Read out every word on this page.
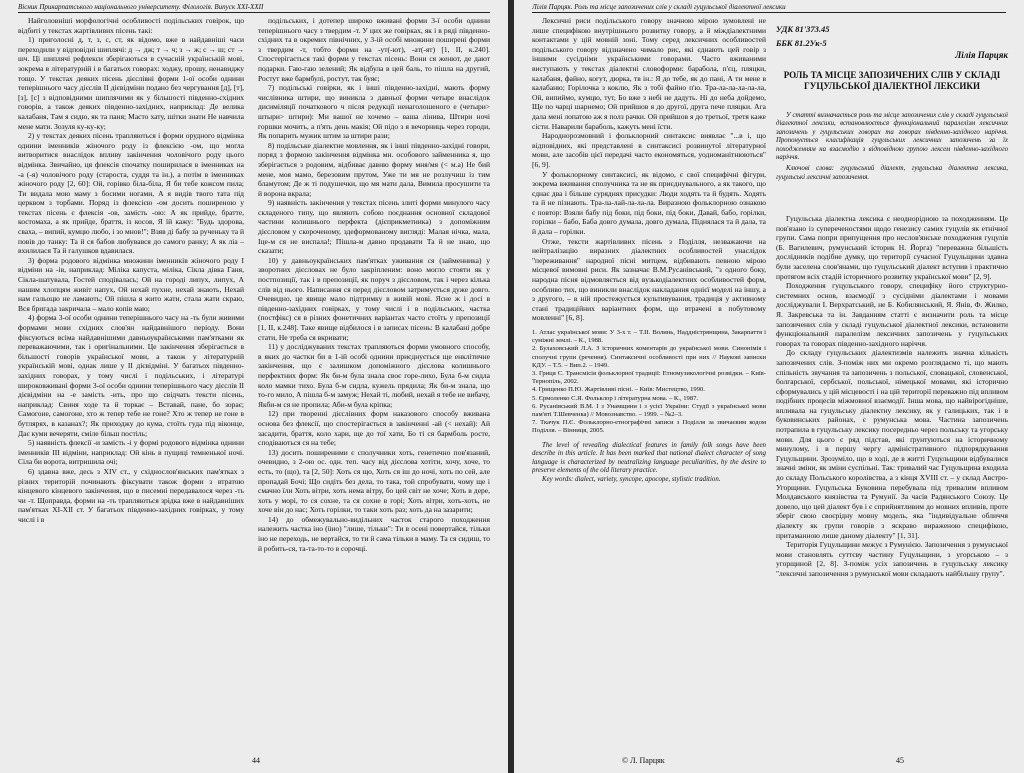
Вісник Прикарпатського національного університету. Філологія. Випуск XXI-XXII

Найголовніші морфологічні особливості подільських говірок, що відбиті у текстах жартівливих пісень такі:

1) приголосні д, т, з, с, ст, як відомо, вже в найдавніші часи переходили у відповідні шиплячі: д → дж; т → ч; з → ж; с → ш; ст → шч. Ці шиплячі рефлекси зберігаються в сучасній українській мові, зокрема в літературній і в багатьох говорах: ходжу, прошу, ненавиджу тощо. У текстах деяких пісень дієслівні форми 1-ої особи однини теперішнього часу дієслів ІІ дієвідміни подано без чергування [д], [т], [з], [с] з відповідними шиплячими як у більшості південно-східних говорів, а також деяких південно-західних, наприклад: Де велика калабаня, Там я сидю, як та паня; Масто хату, шітки знати Не навчила мене мати. Зозуля ку-ку-ку;

2) у текстах деяких пісень трапляються і форми орудного відмінка однини іменників жіночого роду із флексією -ом, що могла витворитися внаслідок впливу закінчення чоловічого роду цього відмінка. Звичайно, ця флексія спочатку поширилася в іменниках на -а (-я) чоловічого роду (староста, суддя та ін.), а потім в іменниках жіночого роду [2, 60]: Ой, горівко біла-біла, Я би тебе кожсом пила; Ти видала мою маму з босими ногами, А я видів твого тата під церквом з торбами. Поряд із флексією -ом досить поширеною у текстах пісень є флексія -ов, замість -ою: А як прийде, братте, костомаха, а як прийде, браття, із косов, Я їй кажу: "Будь здорова, сваха, – випий, кумцю любо, і зо мнов!"; Взяв ді бабу за рученьку та й повів до танку: Та й ся бабов любувався до самого ранку; А як ліа – вхилилася Та й галушков вдавилася.

3) форма родового відмінка множини іменників жіночого роду І відміни на -ів, наприклад: Міліка капуста, міліка, Сікла дівка Ганя, Сікла-шатувала, Гостей сподівалась; Ой на городі липух, липух, А нашим хлопцям живіт напух, Ой нехай пухне, нехай знають, Нехай нам гальоцю не ламають; Ой пішла я жито жати, стала жати скраю, Вся бригада закричала – мало копів маю;

4) форма 3-ої особи однини теперішнього часу на -ть були живими формами мови східних слов'ян найдавнішого періоду. Вони фіксуються всіма найдавнішими давньоукраїнськими пам'ятками як переважаючими, так і оригінальними. Це закінчення зберігається в більшості говорів української мови, а також у літературній українській мові, однак лише у ІІ дієвідміні. У багатьох південно-західних говорах, у тому числі і подільських, і літературі широковживані форми 3-ої особи однини теперішнього часу дієслів ІІ дієвідміни на -е замість -ить, про що свідчать тексти пісень, наприклад: Свиня ходе та й торкає – Вставай, пане, бо зорає; Самогоне, самогоне, хто ж тепер тебе не гоне? Хто ж тепер не гоне в бутлярях, в казанах?; Як приходжу до кума, стоїть гуда під віконце, Дає куми вечеряти, сміле більш постіль;

5) наявність флексії -и замість -і у формі родового відмінка однини іменників ІІІ відміни, наприклад: Ой кінь в пущиці темненької ночі. Сіла би ворота, витришила очі;

6) здавна вже, десь з XIV ст., у східнослов'янських пам'ятках з різних територій починають фіксувати також форми з втратою кінцевого кінцевого закінчення, що в писемні передавалося через -ть чи -т. Щоправда, форми на -ть трапляються зрідка вже в найдавніших пам'ятках ХІ-ХІІ ст. У багатьох південно-західних говірках, у тому числі і в

подільських, і дотепер широко вживані форми 3-ї особи однини теперішнього часу з твердим -т. У цих же говірках, як і в ряді південно-східних та в окремих північних, у 3-ій особі множини поширені форми з твердим -т, тобто форми на -ут(-ют), -ат(-ят) [1, II, к.240]. Спостерігається такі форми у текстах пісень: Вони ся женют, де дают подарки. Гаю-гаю зелений; Як відбула в цей баль, то пішла на другий, Ростут вже бармбулі, ростут, так буяє;

7) подільські говірки, як і інші південно-західні, мають форму числівника штири, що виникла з давньої форми четыре внаслідок дисиміляції початкового ч після редукції ненаголошеного е (четыри> штыри> штири): Ми вашої не хочемо – ваша лінива, Штири ночі горшки мочить, а п'ять день макія; Ой підо з я вечорниць через городи, Як попарить мужик штим за штири рази;

8) подільське діалектне мовлення, як і інші південно-західні говори, поряд з формою закінчення відмінка мн. особового займенника я, що зберігається з родовим, відбиває давню форму мня/мя (< м.а) Не бий мене, моя мамо, березовим прутом, Уже ти мя не розлучиш із тим бламутом; Де ж ті подушечки, що мя мати дала, Вимила просушити та й ворона вкрала;

9) наявність закінчення у текстах пісень злиті форми минулого часу складеного типу, що являють собою поєднання основної складової частини колишнього перфекта (дієприкметника) з допоміжним дієсловом у скороченому, здеформованому вигляді: Малая нічка, мала, Іце-м ся не виспала!; Пішла-м давно продавати Та й не знаю, що сказати;

10) у давньоукраїнських пам'ятках уживання ся (займенника) у зворотних дієсловах не було закріпленим: воно могло стояти як у постпозиції, так і в препозиції, як поруч з дієсловом, так і через кілька слів від нього. Написання ся перед дієсловом затримується дуже довго. Очевидно, це явище мало підтримку в живій мові. Ясне ж і досі в південно-західних говірках, у тому числі і в подільських, частка (постфікс) ся в різних фонетичних варіантах часто стоїть у препозиції [1, II, к.248]. Таке явище відбилося і в записах пісень: В калабані добре стати, Не треба ся вкривати;

11) у досліджуваних текстах трапляються форми умовного способу, в яких до частки би в 1-ій особі однини приєднується ще енклітичне закінчення, що є залишком допоміжного дієслова колишнього перфектних форм: Як би-м була знала своє горе-лихо, Була б-м сидла коло мамки тихо. Була б-м сидла, кужель прядила; Як би-м знала, що то-го мило, А пішла б-м замуж; Нехай ті, любий, нехай я тебе не вибачу, Якби-м ся не пропила; Аби-м була кріпка;

12) при творенні дієслівних форм наказового способу вживана основа без флексії, що спостерігається в закінченні -ай (< нехай): Ай засадити, браття, коло хари, ще до тої хати, Бо ті ся бармболь росте, сподіваються ся на тебе;

13) досить поширеними є сполучники хоть, генетично пов'язаний, очевидно, з 2-ою ос. одн. теп. часу від дієслова хотіти, хочу, хоче, то есть, то (що), та [2, 50]: Хоть ся що, Хоть ся іш до ночі, хоть по сей, але пропадай Бочі; Що сидіть без дела, то така, той спробувати, чому ще і смачно їли Хоть вітри, хоть нема вітру, бо цей світ не хоче; Хоть в дере, хоть у морі, то ся сохне, та ся сохне в горі; Хоть вітри, хоть-хоть, не хоче він до нас; Хоть горілки, то таки хоть раз; хоть да на зазарити;

14) до обмежувально-видільних часток старого походження належить частка іно (üно) "лише, тільки": Ти в осені повертайся, тільки іно не переходь, не вертайся, то ти й сама тільки в маму. Та ся сидиш, то й робить-ся, та-та-то-то в сорочці.

44
Лілія Парцяк. Роль та місце запозичених слів у складі гуцульської діалектної лексики

Лексичні риси подільського говору значною мірою зумовлені не лише специфікою внутрішнього розвитку говору, а й міждіалектними контактами у цій мовній зоні. Тому серед лексичних особливостей подільського говору відзначено чимало рис, які єднають цей говір з іншими сусідніми українськими говорами. Часто вживаними виступають у текстах діалектні словоформи: барабола, п'єц, пляцки, калабаня, файно, когут, дюрка, тв ін.: Я до тебе, як до пані, А ти мене в калабаню; Горілочка з коклю, Як з тобі файно п'ю. Тра-ла-ла-ла-ла-ла, Ой, випиймо, кумцю, тут, Бо вже з небі не дадуть. Ні до неба дойдемо, Ще по чарці шарнемо; Ой прийшов я до другої, друга пече пляцки. Ага дала мені лопатою аж я полз рачки. Ой прийшов я до третьої, третя каже сісти. Наварили бараболь, кажуть мені їсти.

Народнорозмовний і фольклорний синтаксис виявлає "...в і, що відповідних, які представлені в синтаксисі розвинутої літературної мови, але засобів цієї передачі часто економяться, уодноманітнюються" [6, 9].

У фольклорному синтаксисі, як відомо, є свої специфічні фігури, зокрема вживання сполучника та не як приєднувального, а як такого, що єднає два і більше суряднях присудки: Люди ходять та й будять. Ходять та й не пізнають. Тра-ла-лай-ла-ла-ла. Виразною фольклорною ознакою є повтор: Взяли бабу під боки, під боки, під боки, Давай, бабо, горілки, горілки – бабо, Баба довго думала, довго думала, Піднялася та й дала, та й дала – горілки.

Отже, тексти жартівливих пісень з Поділля, незважаючи на нейтралізацію виразних діалектних особливостей унаслідок "переживання" народної пісні митцем, відбивають певною мірою місцевої вимовні риси. Як зазначає В.М.Русанівський, "з одного боку, народна пісня відмовляється від вузькодіалектних особливостей форм, особливо тих, що виникли внаслідок накладання однієї моделі на іншу, а з другого, – в ній простежується культивування, традиція у активному стані традиційних варіантних форм, що втрачені в побутовому мовленні" [6, 8].

1. Атлас української мови: У 3-х т. – Т.ІІ. Волинь, Наддністрянщина, Закарпаття і суміжні землі. – К., 1988.

2. Булаховський Л.А. З історичних коментарів до української мови. Синонімія і сполучні групи (речення). Синтаксичні особливості при них // Наукові записки КДУ. – Т.5. – Вип.2. – 1949.

3. Гриця С. Трансмісія фольклорної традиції: Етномузикологічні розвідки. – Київ-Тернопіль, 2002.

4. Грищенко П.Ю. Жартівливі пісні. – Київ: Мистецтво, 1990.

5. Єрмоленко С.Я. Фольклор і літературна мова. – К., 1987.

6. Русанівський В.М. І з Унамщини і з усієї України: Студії з української мови пам'яті Т.Шевченка) // Мовознавство. – 1999. – №2–3.

7. Ткачук П.Є. Фольклорно-етнографічні записи з Поділля за звичаєвим кодом Поділля. – Вінниця, 2005.

The level of revealing dialectical features in family folk songs have been describe in this article. It has been marked that national dialect character of song language is characterized by neutralizing language peculiarities, by the desire to preserve elements of the old literary practice.

Key words: dialect, variety, syncope, apocope, stylistic tradition.

УДК 81'373.45
ББК 81.2Ук-5
Лілія Парцяк
РОЛЬ ТА МІСЦЕ ЗАПОЗИЧЕНИХ СЛІВ У СКЛАДІ ГУЦУЛЬСЬКОЇ ДІАЛЕКТНОЇ ЛЕКСИКИ

У статті визначається роль та місце запозичених слів у складі гуцульської діалектної лексики, встановлюється функціональний паралелізм лексичних запозичень у гуцульських говорах та говорах південно-західного наріччя. Пропонується класифікація гуцульських лексичних запозичень за їх походженням на взаємодію з відповідною групою лексем південно-західного наріччя.

Ключові слова: гуцульський діалект, гуцульська діалектна лексика, гуцульські лексичні запозичення.

Гуцульська діалектна лексика є неоднорідною за походженням. Це пов'язано із супереченостями щодо генезису самих гуцулів як етнічної групи. Сама попри припущення про неслов'янське походження гуцулів (Б. Вагилевич, румунський історик Н. Йорга) "переважна більшість дослідників подібне думку, що території сучасної Гуцульщини здавна були заселена слов'янами, що гуцульський діалект вступив і практично протягом всіх стадій історичного розвитку української мови" [2, 9].

Походження гуцульського говору, специфіку його структурно-системних основ, взаємодії з сусідніми діалектами і мовами досліджували І. Верхратський, не Б. Кобилянський, Я. Янів, Ф. Жилко, Я. Закревська та ін. Завданням статті є визначити роль та місце запозичених слів у складі гуцульської діалектної лексики, встановити функціональний паралелізм лексичних запозичень у гуцульських говорах та говорах південно-західного наріччя.

До складу гуцульських діалектизмів належить значна кількість запозичених слів. З-поміж них ми окремо розглядаємо ті, що мають спільність звучання та запозичень з польської, словацької, словенської, болгарської, сербської, польської, німецької мовами, які історично сформувались у цій місцевості і на цій території переважно під впливом подібних процесів міжмовної взаємодії. Інша мова, що найвірогідніше, впливала на гуцульську діалектну лексику, як у галицьких, так і в буковинських районах, є румунська мова. Частина запозичень потрапила в гуцульську лексику посередньо через польську та угорську мови. Для цього є ряд підстав, які ґрунтуються на історичному минулому, і в першу чергу адміністративного підпорядкування Гуцульщини. Зрозуміло, що в ході, де в житті Гуцульщини відбувалися значні зміни, як зміни суспільні. Так: тривалий час Гуцульщина входила до складу Польського королівства, а з кінця XVIII ст. – у склад Австро-Угорщини. Гуцульська Буковина перебувала під тривалим впливом Молдавського князівства та Румунії. За часів Радянського Союзу. Це довело, що цей діалект був і є сприйнятливим до мовних впливів, проте зберіг свою своєрідну мовну модель, яка "індивідуальне обличчя діалекту як групи говорів з яскраво вираженою специфікою, притаманною лише даному діалекту" [1, 31].

Територія Гуцульщини межує з Румунією. Запозичення з румунської мови становлять суттєву частину Гуцульщини, з угорською – з угорщиной [2, 8]. З-поміж усіх запозичень в гуцульську лексику "лексичні запозичення з румунської мови складають найбільшу групу".

© Л. Парцяк	45
